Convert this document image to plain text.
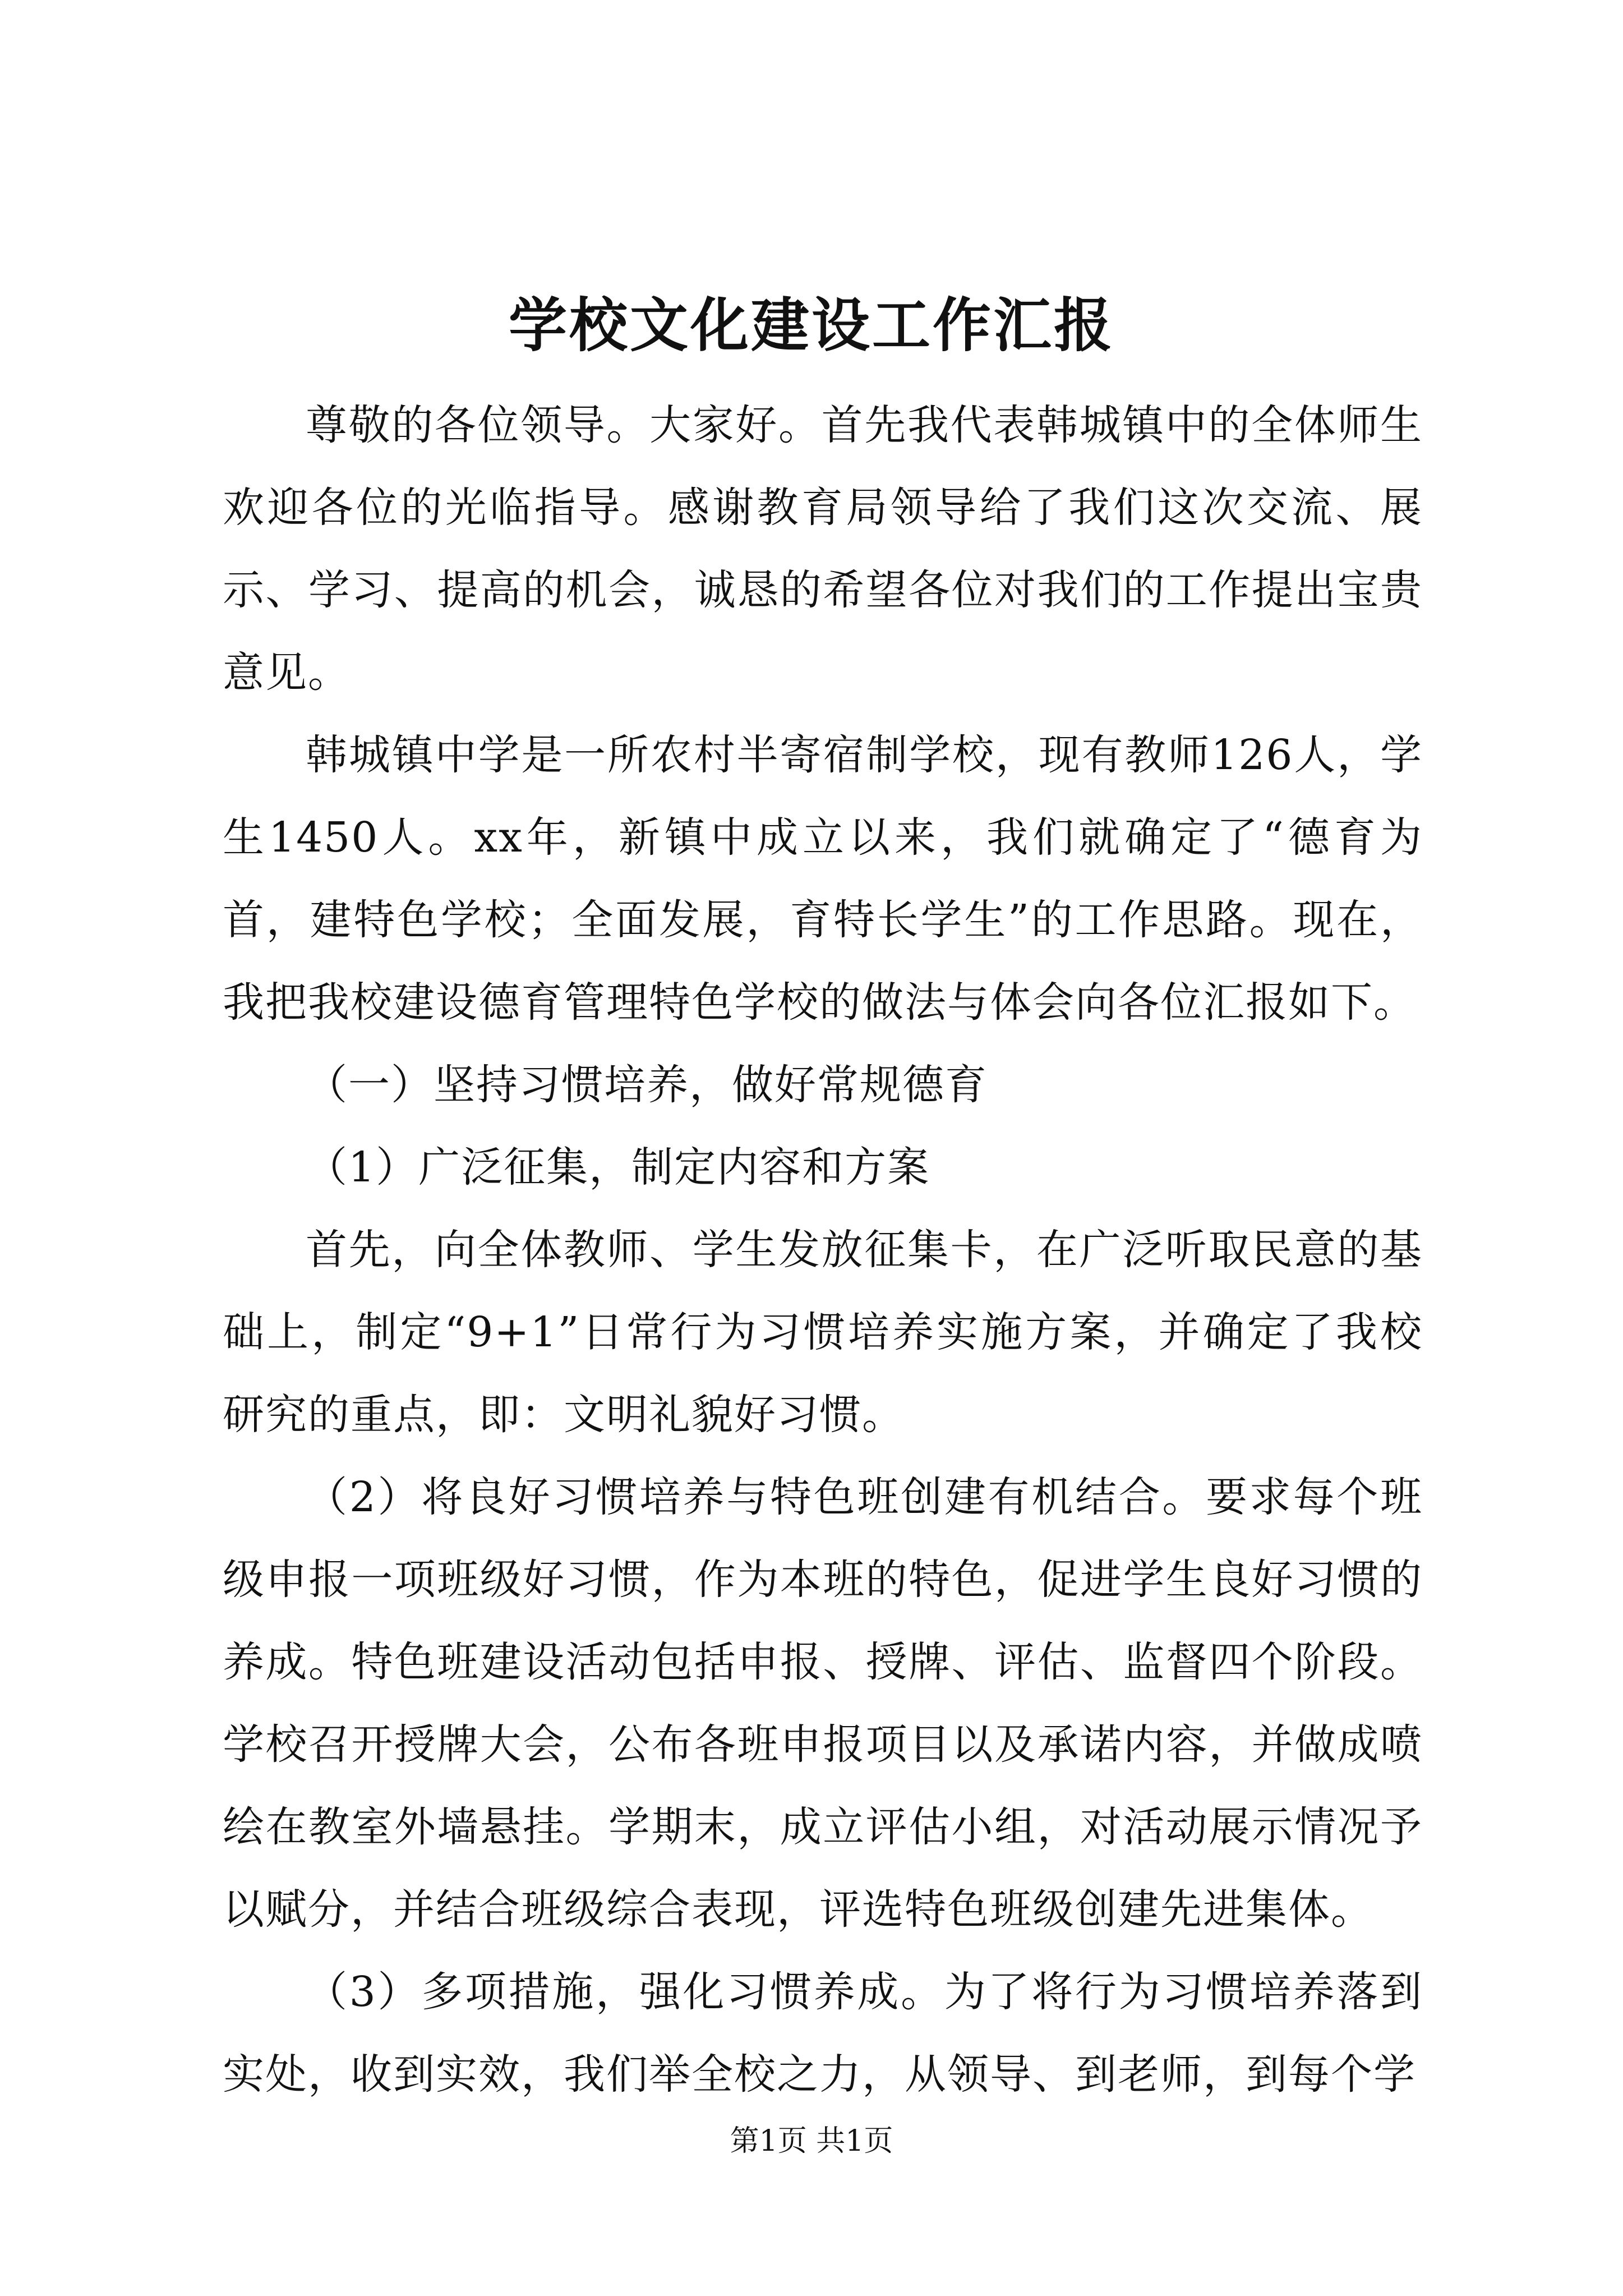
学校文化建设工作汇报

尊敬的各位领导。大家好。首先我代表韩城镇中的全体师生欢迎各位的光临指导。感谢教育局领导给了我们这次交流、展示、学习、提高的机会，诚恳的希望各位对我们的工作提出宝贵意见。

韩城镇中学是一所农村半寄宿制学校，现有教师126人，学生1450人。xx年，新镇中成立以来，我们就确定了“德育为首，建特色学校；全面发展，育特长学生”的工作思路。现在，我把我校建设德育管理特色学校的做法与体会向各位汇报如下。

（一）坚持习惯培养，做好常规德育

（1）广泛征集，制定内容和方案

首先，向全体教师、学生发放征集卡，在广泛听取民意的基础上，制定“9+1”日常行为习惯培养实施方案，并确定了我校研究的重点，即：文明礼貌好习惯。

（2）将良好习惯培养与特色班创建有机结合。要求每个班级申报一项班级好习惯，作为本班的特色，促进学生良好习惯的养成。特色班建设活动包括申报、授牌、评估、监督四个阶段。学校召开授牌大会，公布各班申报项目以及承诺内容，并做成喷绘在教室外墙悬挂。学期末，成立评估小组，对活动展示情况予以赋分，并结合班级综合表现，评选特色班级创建先进集体。

（3）多项措施，强化习惯养成。为了将行为习惯培养落到实处，收到实效，我们举全校之力，从领导、到老师，到每个学

第1页 共1页
